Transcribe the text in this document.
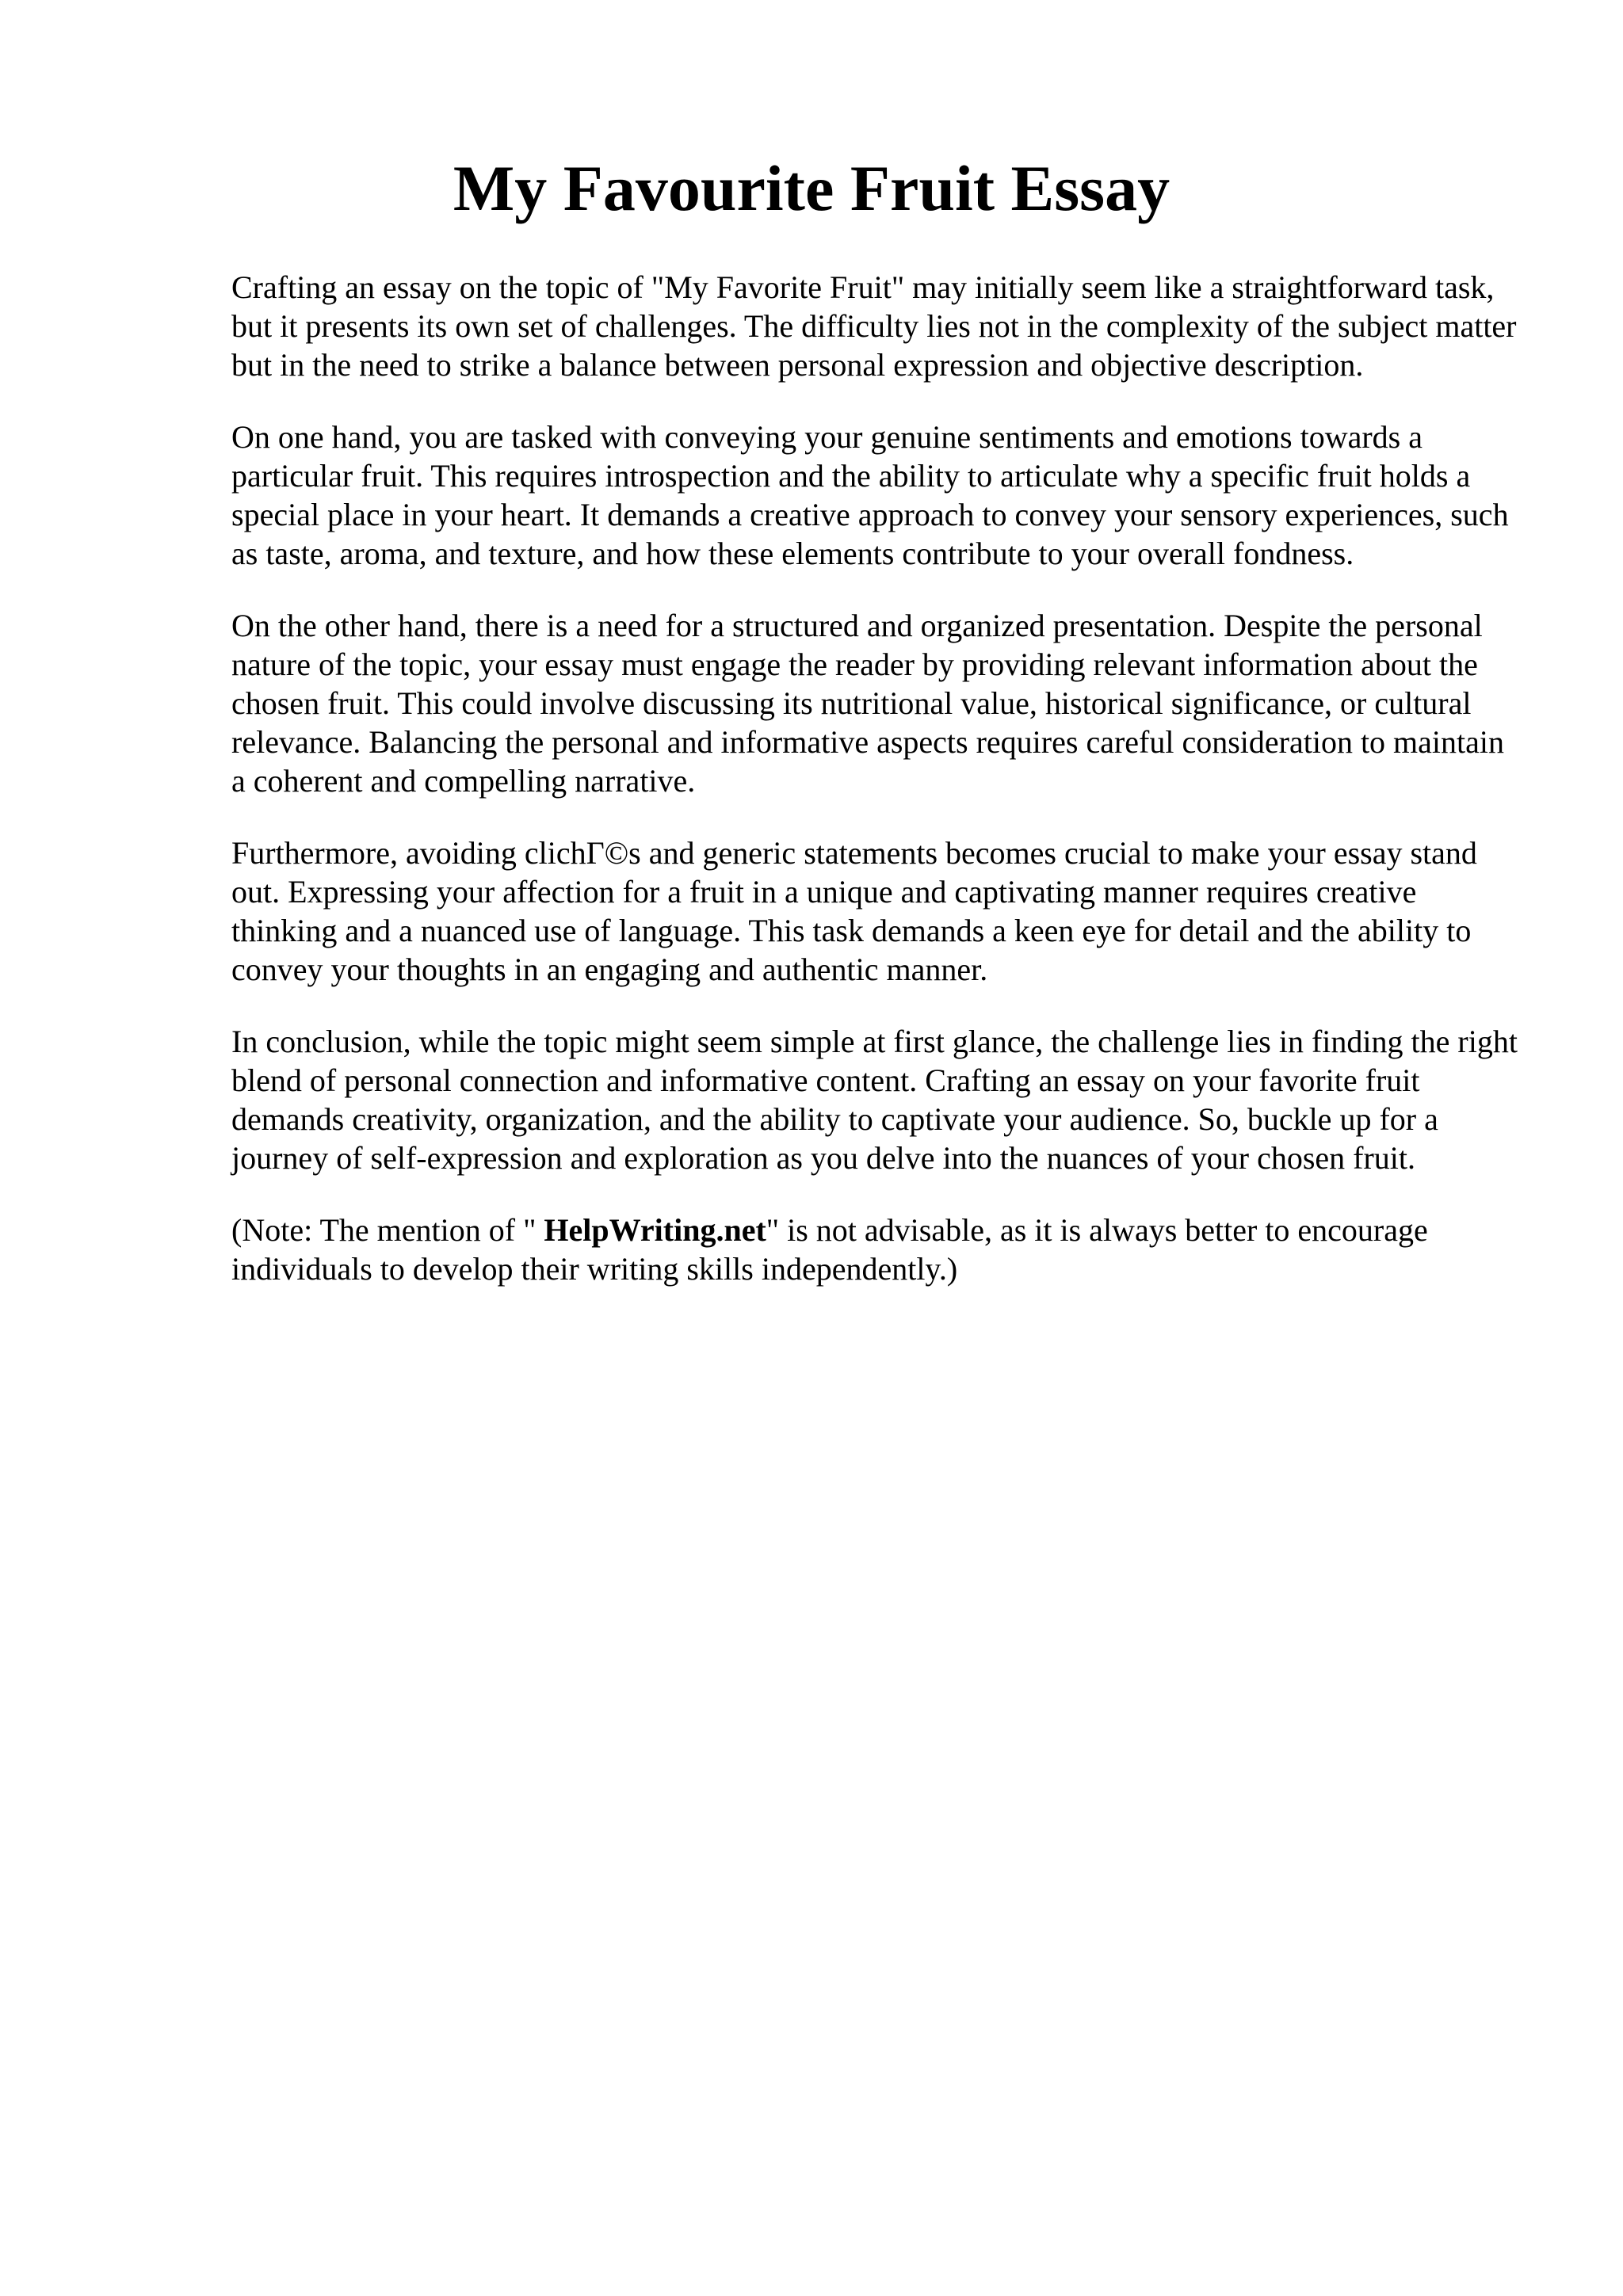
My Favourite Fruit Essay

Crafting an essay on the topic of "My Favorite Fruit" may initially seem like a straightforward task, but it presents its own set of challenges. The difficulty lies not in the complexity of the subject matter but in the need to strike a balance between personal expression and objective description.

On one hand, you are tasked with conveying your genuine sentiments and emotions towards a particular fruit. This requires introspection and the ability to articulate why a specific fruit holds a special place in your heart. It demands a creative approach to convey your sensory experiences, such as taste, aroma, and texture, and how these elements contribute to your overall fondness.

On the other hand, there is a need for a structured and organized presentation. Despite the personal nature of the topic, your essay must engage the reader by providing relevant information about the chosen fruit. This could involve discussing its nutritional value, historical significance, or cultural relevance. Balancing the personal and informative aspects requires careful consideration to maintain a coherent and compelling narrative.

Furthermore, avoiding clichГ©s and generic statements becomes crucial to make your essay stand out. Expressing your affection for a fruit in a unique and captivating manner requires creative thinking and a nuanced use of language. This task demands a keen eye for detail and the ability to convey your thoughts in an engaging and authentic manner.

In conclusion, while the topic might seem simple at first glance, the challenge lies in finding the right blend of personal connection and informative content. Crafting an essay on your favorite fruit demands creativity, organization, and the ability to captivate your audience. So, buckle up for a journey of self-expression and exploration as you delve into the nuances of your chosen fruit.

(Note: The mention of " HelpWriting.net" is not advisable, as it is always better to encourage individuals to develop their writing skills independently.)
